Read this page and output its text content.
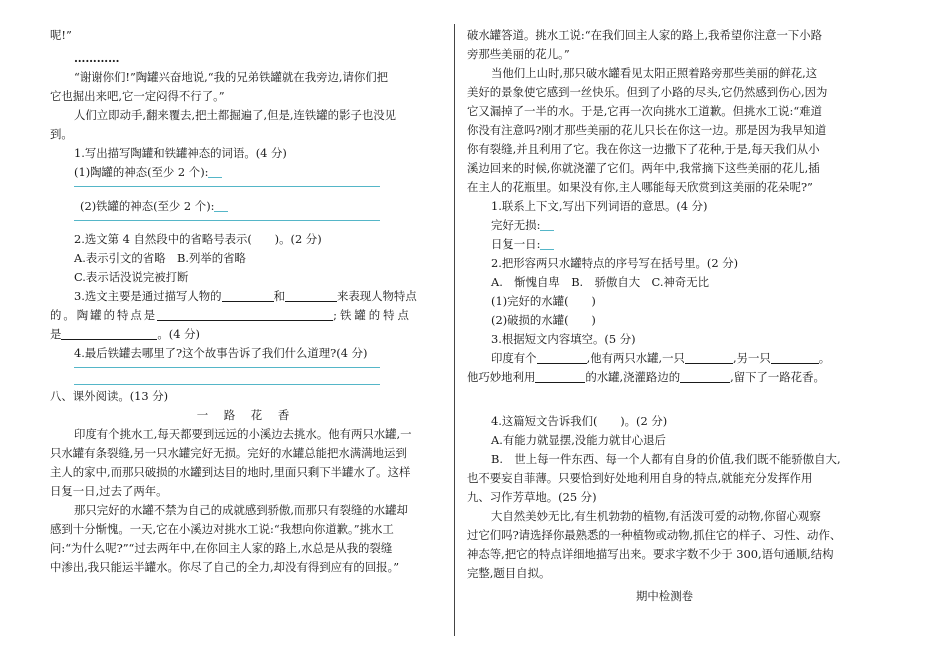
呢!”
…………
“谢谢你们!”陶罐兴奋地说,“我的兄弟铁罐就在我旁边,请你们把
它也掘出来吧,它一定闷得不行了。”
人们立即动手,翻来覆去,把土都掘遍了,但是,连铁罐的影子也没见
到。
1.写出描写陶罐和铁罐神态的词语。(4 分)
(1)陶罐的神态(至少 2 个):
(2)铁罐的神态(至少 2 个):
2.选文第 4 自然段中的省略号表示(　　)。(2 分)
A.表示引文的省略　B.列举的省略
C.表示话没说完被打断
3.选文主要是通过描写人物的	和	来表现人物特点
的。陶罐的特点是	;铁罐的特点
是	。(4 分)
4.最后铁罐去哪里了?这个故事告诉了我们什么道理?(4 分)
八、课外阅读。(13 分)
一 路 花 香
印度有个挑水工,每天都要到远远的小溪边去挑水。他有两只水罐,一
只水罐有条裂缝,另一只水罐完好无损。完好的水罐总能把水满满地运到
主人的家中,而那只破损的水罐到达目的地时,里面只剩下半罐水了。这样
日复一日,过去了两年。
那只完好的水罐不禁为自己的成就感到骄傲,而那只有裂缝的水罐却
感到十分惭愧。一天,它在小溪边对挑水工说:“我想向你道歉。”挑水工
问:“为什么呢?”“过去两年中,在你回主人家的路上,水总是从我的裂缝
中渗出,我只能运半罐水。你尽了自己的全力,却没有得到应有的回报。”
破水罐答道。挑水工说:“在我们回主人家的路上,我希望你注意一下小路
旁那些美丽的花儿。”
当他们上山时,那只破水罐看见太阳正照着路旁那些美丽的鲜花,这
美好的景象使它感到一丝快乐。但到了小路的尽头,它仍然感到伤心,因为
它又漏掉了一半的水。于是,它再一次向挑水工道歉。但挑水工说:“难道
你没有注意吗?刚才那些美丽的花儿只长在你这一边。那是因为我早知道
你有裂缝,并且利用了它。我在你这一边撒下了花种,于是,每天我们从小
溪边回来的时候,你就浇灌了它们。两年中,我常摘下这些美丽的花儿,插
在主人的花瓶里。如果没有你,主人哪能每天欣赏到这美丽的花朵呢?”
1.联系上下文,写出下列词语的意思。(4 分)
完好无损:
日复一日:
2.把形容两只水罐特点的序号写在括号里。(2 分)
A.　惭愧自卑　B.　骄傲自大　C.神奇无比
(1)完好的水罐(　　)
(2)破损的水罐(　　)
3.根据短文内容填空。(5 分)
印度有个	,他有两只水罐,一只	,另一只	。
他巧妙地利用	的水罐,浇灌路边的	,留下了一路花香。
4.这篇短文告诉我们(　　)。(2 分)
A.有能力就显摆,没能力就甘心退后
B.　世上每一件东西、每一个人都有自身的价值,我们既不能骄傲自大,
也不要妄自菲薄。只要恰到好处地利用自身的特点,就能充分发挥作用
九、习作芳草地。(25 分)
大自然美妙无比,有生机勃勃的植物,有活泼可爱的动物,你留心观察
过它们吗?请选择你最熟悉的一种植物或动物,抓住它的样子、习性、动作、
神态等,把它的特点详细地描写出来。要求字数不少于 300,语句通顺,结构
完整,题目自拟。
期中检测卷
